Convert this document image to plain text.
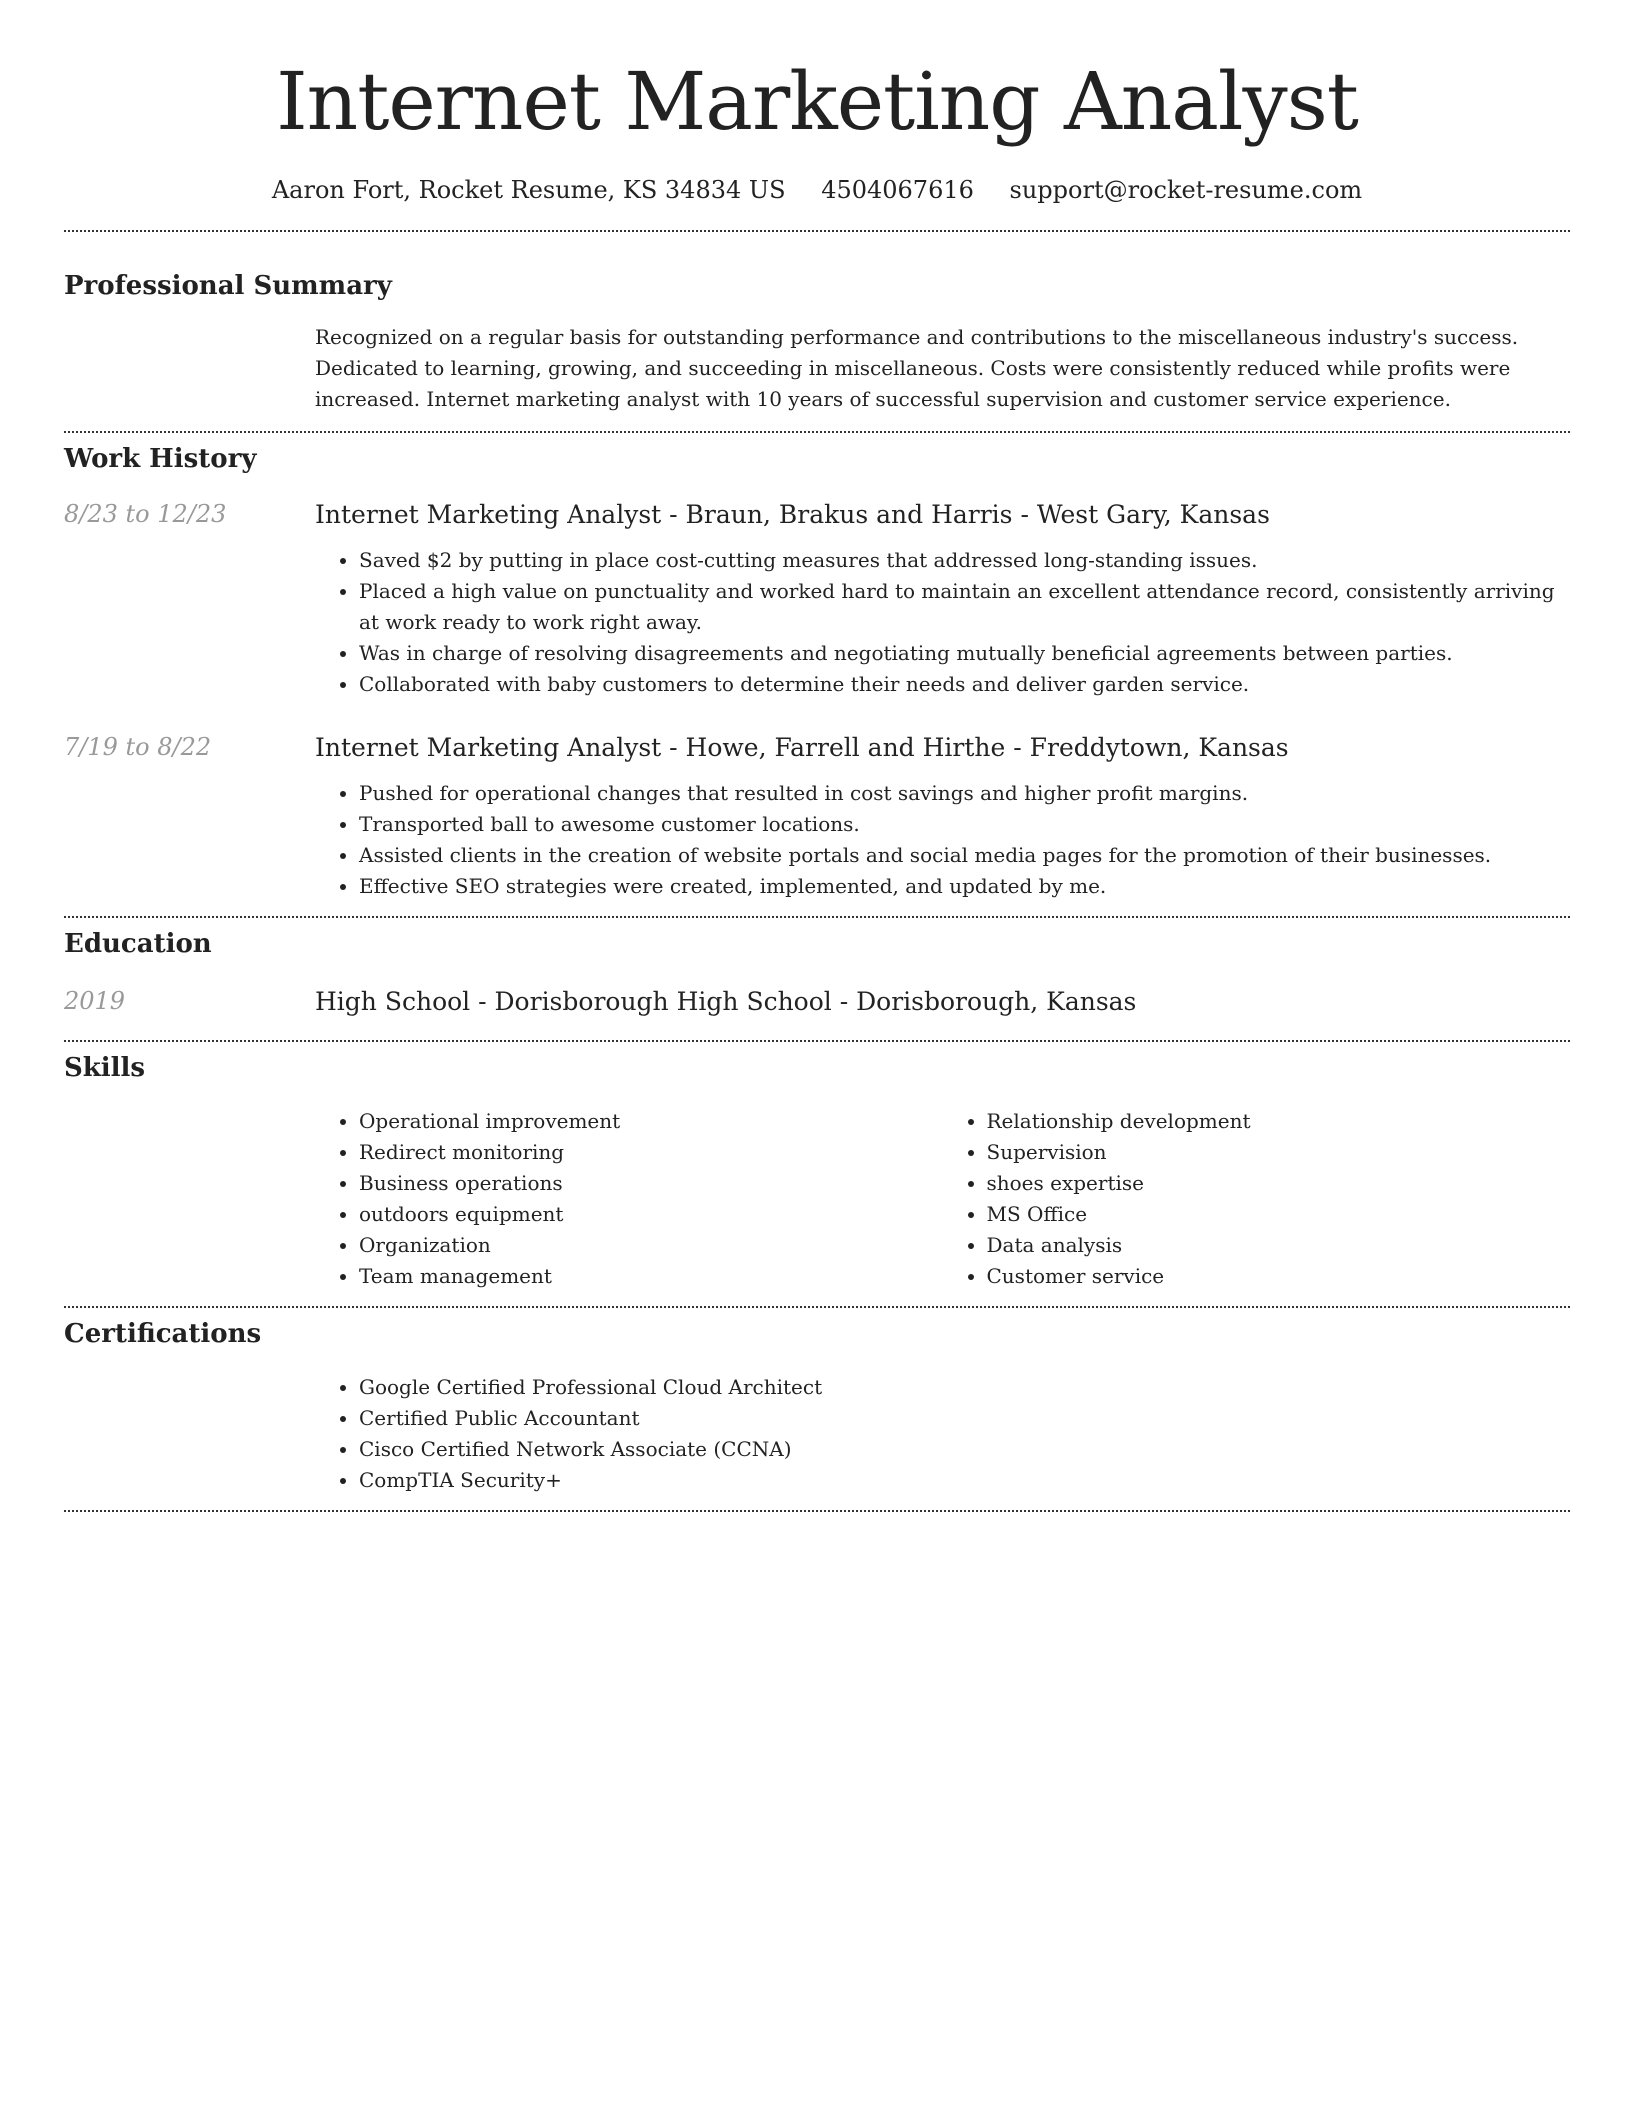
Internet Marketing Analyst
Aaron Fort, Rocket Resume, KS 34834 US 4504067616 support@rocket-resume.com
Professional Summary

Recognized on a regular basis for outstanding performance and contributions to the miscellaneous industry's success. Dedicated to learning, growing, and succeeding in miscellaneous. Costs were consistently reduced while profits were increased. Internet marketing analyst with 10 years of successful supervision and customer service experience.

Work History
8/23 to 12/23	Internet Marketing Analyst - Braun, Brakus and Harris - West Gary, Kansas
• Saved $2 by putting in place cost-cutting measures that addressed long-standing issues.
• Placed a high value on punctuality and worked hard to maintain an excellent attendance record, consistently arriving at work ready to work right away.
• Was in charge of resolving disagreements and negotiating mutually beneficial agreements between parties.
• Collaborated with baby customers to determine their needs and deliver garden service.
7/19 to 8/22	Internet Marketing Analyst - Howe, Farrell and Hirthe - Freddytown, Kansas
• Pushed for operational changes that resulted in cost savings and higher profit margins.
• Transported ball to awesome customer locations.
• Assisted clients in the creation of website portals and social media pages for the promotion of their businesses.
• Effective SEO strategies were created, implemented, and updated by me.
Education
2019	High School - Dorisborough High School - Dorisborough, Kansas
Skills
• Operational improvement
• Redirect monitoring
• Business operations
• outdoors equipment
• Organization
• Team management
• Relationship development
• Supervision
• shoes expertise
• MS Office
• Data analysis
• Customer service
Certifications
• Google Certified Professional Cloud Architect
• Certified Public Accountant
• Cisco Certified Network Associate (CCNA)
• CompTIA Security+
